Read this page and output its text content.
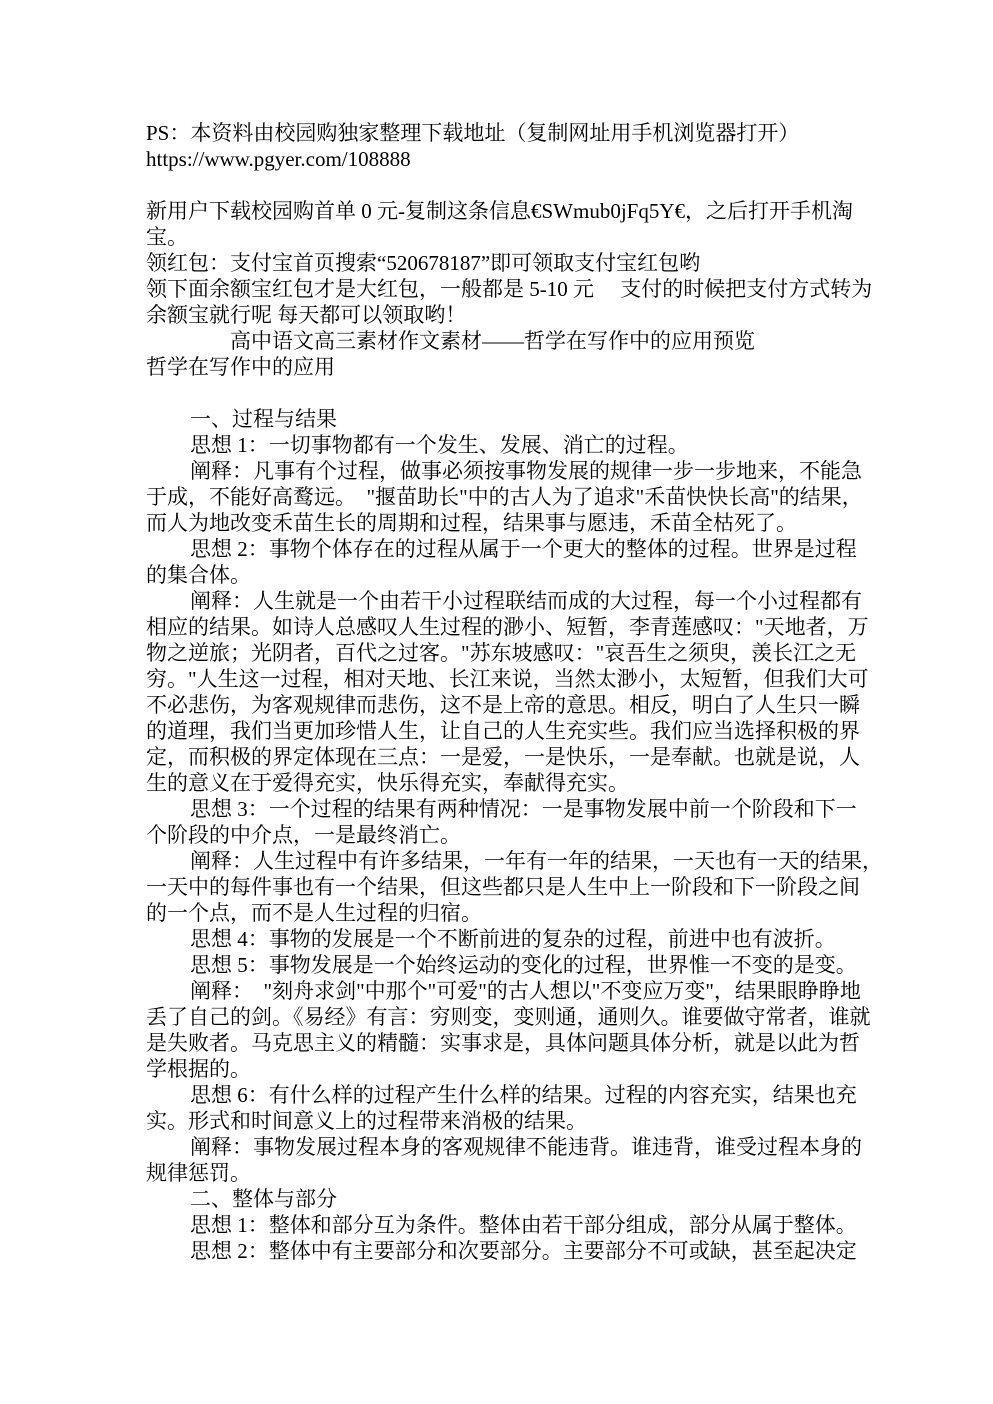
PS：本资料由校园购独家整理下载地址（复制网址用手机浏览器打开）
https://www.pgyer.com/108888
新用户下载校园购首单 0 元-复制这条信息€SWmub0jFq5Y€，之后打开手机淘
宝。
领红包：支付宝首页搜索“520678187”即可领取支付宝红包哟
领下面余额宝红包才是大红包，一般都是 5-10 元　 支付的时候把支付方式转为
余额宝就行呢 每天都可以领取哟！
高中语文高三素材作文素材——哲学在写作中的应用预览
哲学在写作中的应用
一、过程与结果
思想 1：一切事物都有一个发生、发展、消亡的过程。
阐释：凡事有个过程，做事必须按事物发展的规律一步一步地来，不能急
于成，不能好高鹜远。　"揠苗助长"中的古人为了追求"禾苗快快长高"的结果，
而人为地改变禾苗生长的周期和过程，结果事与愿违，禾苗全枯死了。
思想 2：事物个体存在的过程从属于一个更大的整体的过程。世界是过程
的集合体。
阐释：人生就是一个由若干小过程联结而成的大过程，每一个小过程都有
相应的结果。如诗人总感叹人生过程的渺小、短暂，李青莲感叹："天地者，万
物之逆旅；光阴者，百代之过客。"苏东坡感叹："哀吾生之须臾，羡长江之无
穷。"人生这一过程，相对天地、长江来说，当然太渺小，太短暂，但我们大可
不必悲伤，为客观规律而悲伤，这不是上帝的意思。相反，明白了人生只一瞬
的道理，我们当更加珍惜人生，让自己的人生充实些。我们应当选择积极的界
定，而积极的界定体现在三点：一是爱，一是快乐，一是奉献。也就是说，人
生的意义在于爱得充实，快乐得充实，奉献得充实。
思想 3：一个过程的结果有两种情况：一是事物发展中前一个阶段和下一
个阶段的中介点，一是最终消亡。
阐释：人生过程中有许多结果，一年有一年的结果，一天也有一天的结果，
一天中的每件事也有一个结果，但这些都只是人生中上一阶段和下一阶段之间
的一个点，而不是人生过程的归宿。
思想 4：事物的发展是一个不断前进的复杂的过程，前进中也有波折。
思想 5：事物发展是一个始终运动的变化的过程，世界惟一不变的是变。
阐释：　"刻舟求剑"中那个"可爱"的古人想以"不变应万变"，结果眼睁睁地
丢了自己的剑。《易经》有言：穷则变，变则通，通则久。谁要做守常者，谁就
是失败者。马克思主义的精髓：实事求是，具体问题具体分析，就是以此为哲
学根据的。
思想 6：有什么样的过程产生什么样的结果。过程的内容充实，结果也充
实。形式和时间意义上的过程带来消极的结果。
阐释：事物发展过程本身的客观规律不能违背。谁违背，谁受过程本身的
规律惩罚。
二、整体与部分
思想 1：整体和部分互为条件。整体由若干部分组成，部分从属于整体。
思想 2：整体中有主要部分和次要部分。主要部分不可或缺，甚至起决定
